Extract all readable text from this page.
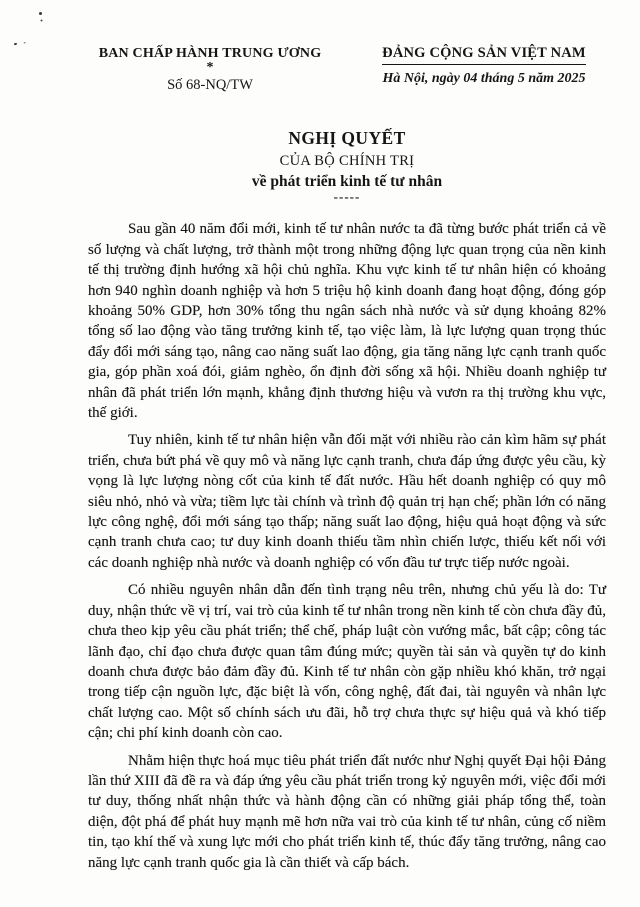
BAN CHẤP HÀNH TRUNG ƯƠNG
*
Số 68-NQ/TW
ĐẢNG CỘNG SẢN VIỆT NAM
Hà Nội, ngày 04 tháng 5 năm 2025
NGHỊ QUYẾT
CỦA BỘ CHÍNH TRỊ
về phát triển kinh tế tư nhân
-----

Sau gần 40 năm đổi mới, kinh tế tư nhân nước ta đã từng bước phát triển cả về số lượng và chất lượng, trở thành một trong những động lực quan trọng của nền kinh tế thị trường định hướng xã hội chủ nghĩa. Khu vực kinh tế tư nhân hiện có khoảng hơn 940 nghìn doanh nghiệp và hơn 5 triệu hộ kinh doanh đang hoạt động, đóng góp khoảng 50% GDP, hơn 30% tổng thu ngân sách nhà nước và sử dụng khoảng 82% tổng số lao động vào tăng trưởng kinh tế, tạo việc làm, là lực lượng quan trọng thúc đẩy đổi mới sáng tạo, nâng cao năng suất lao động, gia tăng năng lực cạnh tranh quốc gia, góp phần xoá đói, giảm nghèo, ổn định đời sống xã hội. Nhiều doanh nghiệp tư nhân đã phát triển lớn mạnh, khẳng định thương hiệu và vươn ra thị trường khu vực, thế giới.

Tuy nhiên, kinh tế tư nhân hiện vẫn đối mặt với nhiều rào cản kìm hãm sự phát triển, chưa bứt phá về quy mô và năng lực cạnh tranh, chưa đáp ứng được yêu cầu, kỳ vọng là lực lượng nòng cốt của kinh tế đất nước. Hầu hết doanh nghiệp có quy mô siêu nhỏ, nhỏ và vừa; tiềm lực tài chính và trình độ quản trị hạn chế; phần lớn có năng lực công nghệ, đổi mới sáng tạo thấp; năng suất lao động, hiệu quả hoạt động và sức cạnh tranh chưa cao; tư duy kinh doanh thiếu tầm nhìn chiến lược, thiếu kết nối với các doanh nghiệp nhà nước và doanh nghiệp có vốn đầu tư trực tiếp nước ngoài.

Có nhiều nguyên nhân dẫn đến tình trạng nêu trên, nhưng chủ yếu là do: Tư duy, nhận thức về vị trí, vai trò của kinh tế tư nhân trong nền kinh tế còn chưa đầy đủ, chưa theo kịp yêu cầu phát triển; thể chế, pháp luật còn vướng mắc, bất cập; công tác lãnh đạo, chỉ đạo chưa được quan tâm đúng mức; quyền tài sản và quyền tự do kinh doanh chưa được bảo đảm đầy đủ. Kinh tế tư nhân còn gặp nhiều khó khăn, trở ngại trong tiếp cận nguồn lực, đặc biệt là vốn, công nghệ, đất đai, tài nguyên và nhân lực chất lượng cao. Một số chính sách ưu đãi, hỗ trợ chưa thực sự hiệu quả và khó tiếp cận; chi phí kinh doanh còn cao.

Nhằm hiện thực hoá mục tiêu phát triển đất nước như Nghị quyết Đại hội Đảng lần thứ XIII đã đề ra và đáp ứng yêu cầu phát triển trong kỷ nguyên mới, việc đổi mới tư duy, thống nhất nhận thức và hành động cần có những giải pháp tổng thể, toàn diện, đột phá để phát huy mạnh mẽ hơn nữa vai trò của kinh tế tư nhân, củng cố niềm tin, tạo khí thế và xung lực mới cho phát triển kinh tế, thúc đẩy tăng trưởng, nâng cao năng lực cạnh tranh quốc gia là cần thiết và cấp bách.
